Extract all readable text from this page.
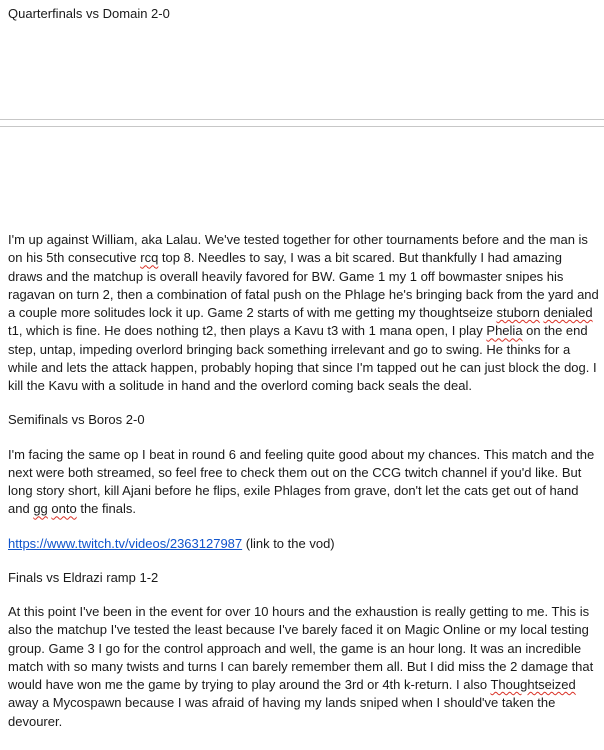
Quarterfinals vs Domain 2-0

I'm up against William, aka Lalau. We've tested together for other tournaments before and the man is on his 5th consecutive rcq top 8. Needles to say, I was a bit scared. But thankfully I had amazing draws and the matchup is overall heavily favored for BW. Game 1 my 1 off bowmaster snipes his ragavan on turn 2, then a combination of fatal push on the Phlage he's bringing back from the yard and a couple more solitudes lock it up. Game 2 starts of with me getting my thoughtseize stuborn denialed t1, which is fine. He does nothing t2, then plays a Kavu t3 with 1 mana open, I play Phelia on the end step, untap, impeding overlord bringing back something irrelevant and go to swing. He thinks for a while and lets the attack happen, probably hoping that since I'm tapped out he can just block the dog. I kill the Kavu with a solitude in hand and the overlord coming back seals the deal.

Semifinals vs Boros 2-0

I'm facing the same op I beat in round 6 and feeling quite good about my chances. This match and the next were both streamed, so feel free to check them out on the CCG twitch channel if you'd like. But long story short, kill Ajani before he flips, exile Phlages from grave, don't let the cats get out of hand and gg onto the finals.

https://www.twitch.tv/videos/2363127987 (link to the vod)

Finals vs Eldrazi ramp 1-2

At this point I've been in the event for over 10 hours and the exhaustion is really getting to me. This is also the matchup I've tested the least because I've barely faced it on Magic Online or my local testing group. Game 3 I go for the control approach and well, the game is an hour long. It was an incredible match with so many twists and turns I can barely remember them all. But I did miss the 2 damage that would have won me the game by trying to play around the 3rd or 4th k-return. I also Thoughtseized away a Mycospawn because I was afraid of having my lands sniped when I should've taken the devourer.
